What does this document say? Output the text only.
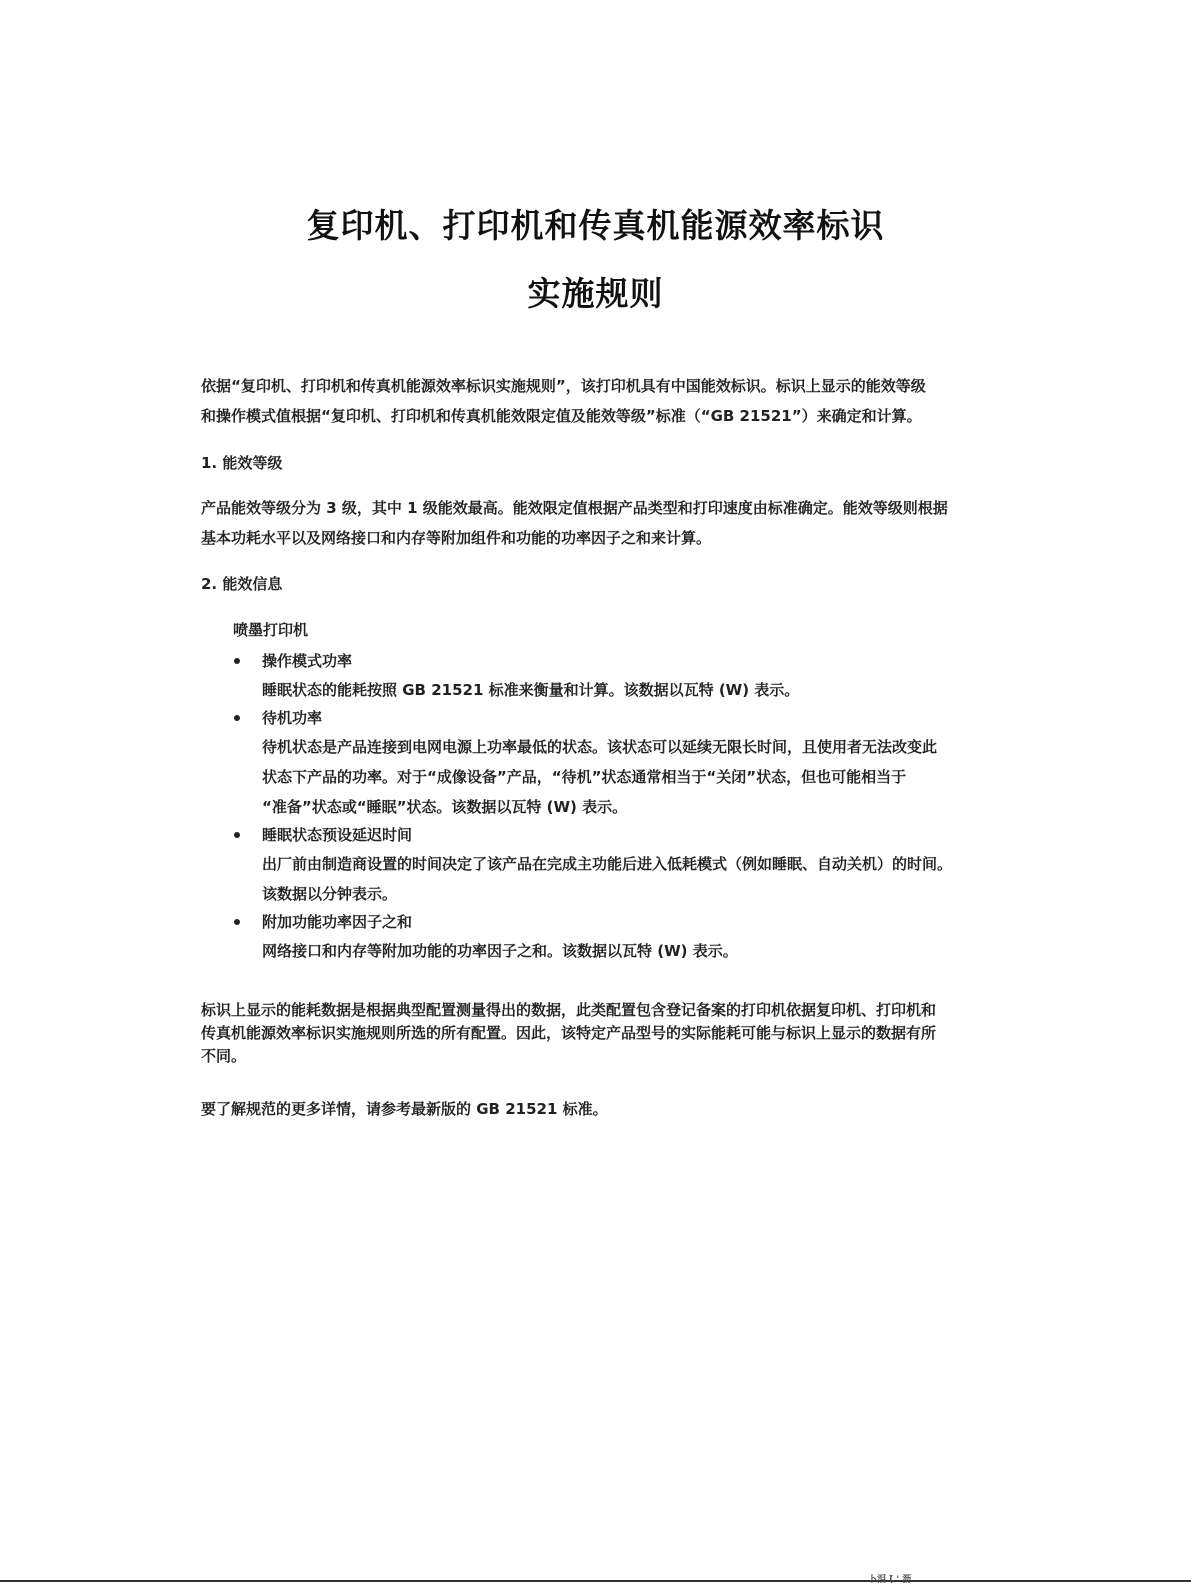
复印机、打印机和传真机能源效率标识
实施规则
依据“复印机、打印机和传真机能源效率标识实施规则”，该打印机具有中国能效标识。标识上显示的能效等级
和操作模式值根据“复印机、打印机和传真机能效限定值及能效等级”标准（“GB 21521”）来确定和计算。
1. 能效等级
产品能效等级分为 3 级，其中 1 级能效最高。能效限定值根据产品类型和打印速度由标准确定。能效等级则根据
基本功耗水平以及网络接口和内存等附加组件和功能的功率因子之和来计算。
2. 能效信息
喷墨打印机
操作模式功率
睡眠状态的能耗按照 GB 21521 标准来衡量和计算。该数据以瓦特 (W) 表示。
待机功率
待机状态是产品连接到电网电源上功率最低的状态。该状态可以延续无限长时间，且使用者无法改变此
状态下产品的功率。对于“成像设备”产品，“待机”状态通常相当于“关闭”状态，但也可能相当于
“准备”状态或“睡眠”状态。该数据以瓦特 (W) 表示。
睡眠状态预设延迟时间
出厂前由制造商设置的时间决定了该产品在完成主功能后进入低耗模式（例如睡眠、自动关机）的时间。
该数据以分钟表示。
附加功能功率因子之和
网络接口和内存等附加功能的功率因子之和。该数据以瓦特 (W) 表示。
标识上显示的能耗数据是根据典型配置测量得出的数据，此类配置包含登记备案的打印机依据复印机、打印机和
传真机能源效率标识实施规则所选的所有配置。因此，该特定产品型号的实际能耗可能与标识上显示的数据有所
不同。
要了解规范的更多详情，请参考最新版的 GB 21521 标准。
卜泪 (̀ ' 沥
